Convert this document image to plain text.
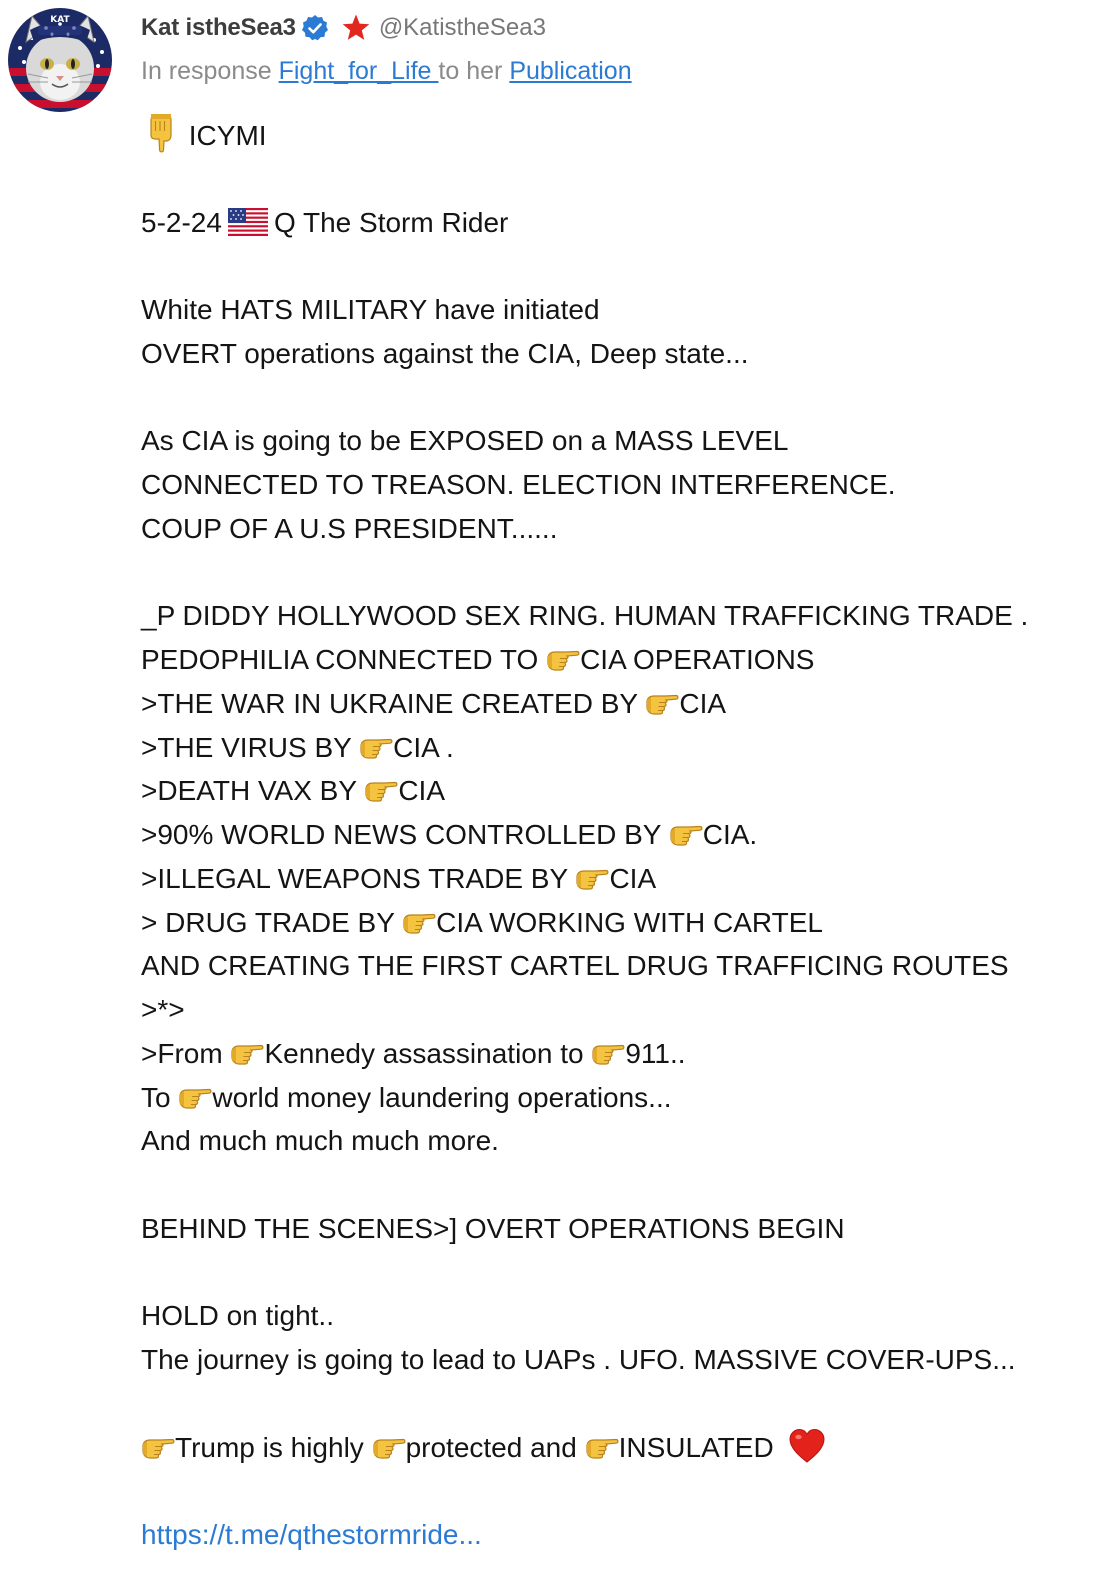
KAT	Kat istheSea3	@KatistheSea3
In response Fight_for_Life to her Publication
ICYMI
5-2-24 Q The Storm Rider
White HATS MILITARY have initiated
OVERT operations against the CIA, Deep state...
As CIA is going to be EXPOSED on a MASS LEVEL
CONNECTED TO TREASON. ELECTION INTERFERENCE.
COUP OF A U.S PRESIDENT......
_P DIDDY HOLLYWOOD SEX RING. HUMAN TRAFFICKING TRADE .
PEDOPHILIA CONNECTED TO CIA OPERATIONS
>THE WAR IN UKRAINE CREATED BY CIA
>THE VIRUS BY CIA .
>DEATH VAX BY CIA
>90% WORLD NEWS CONTROLLED BY CIA.
>ILLEGAL WEAPONS TRADE BY CIA
> DRUG TRADE BY CIA WORKING WITH CARTEL
AND CREATING THE FIRST CARTEL DRUG TRAFFICING ROUTES
>*>
>From Kennedy assassination to 911..
To world money laundering operations...
And much much much more.
BEHIND THE SCENES>] OVERT OPERATIONS BEGIN
HOLD on tight..
The journey is going to lead to UAPs . UFO. MASSIVE COVER-UPS...
Trump is highly protected and INSULATED
https://t.me/qthestormride...
